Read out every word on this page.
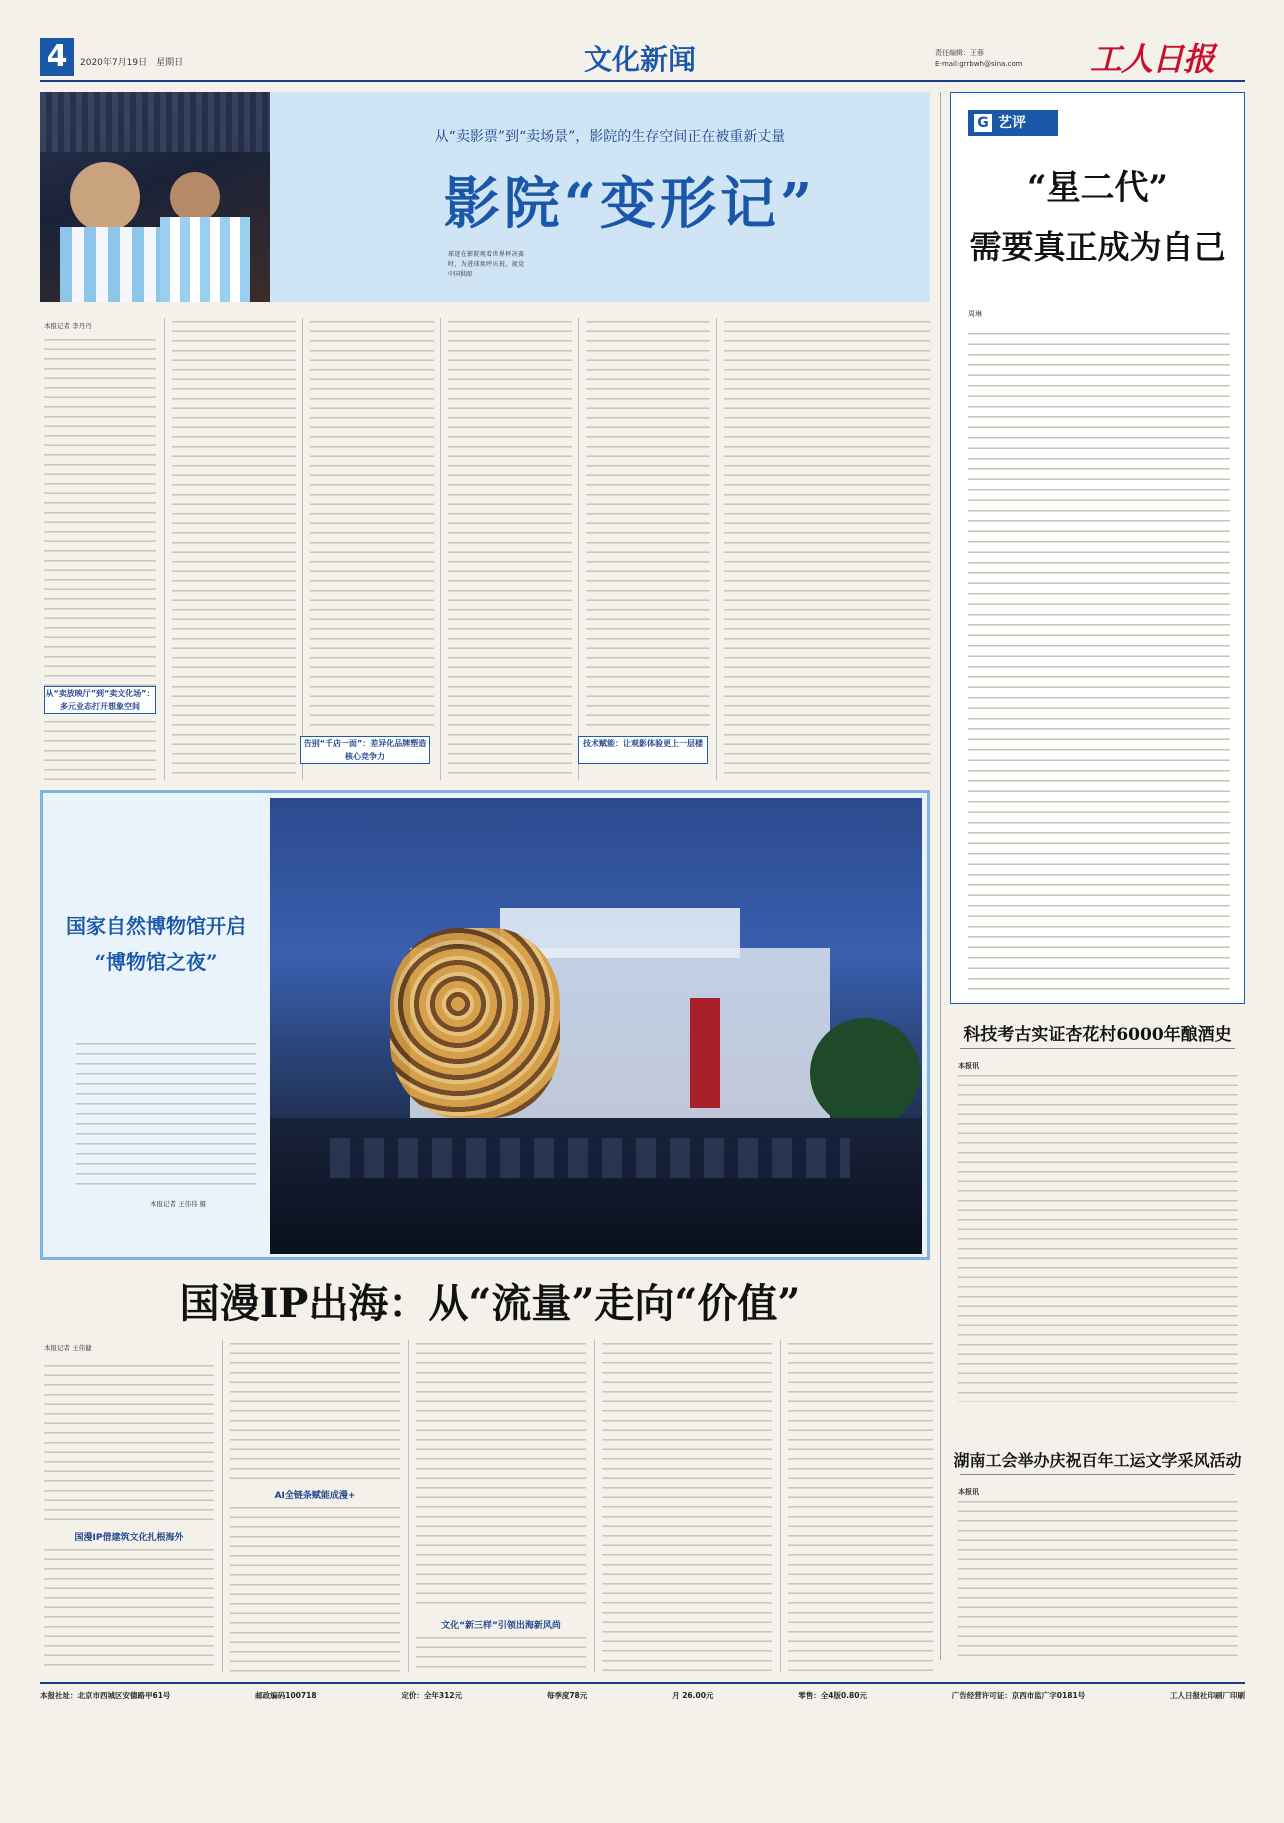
4	2020年7月19日　星期日	文化新闻	责任编辑：王蓉
E-mail:grrbwh@sina.com 工人日报
从“卖影票”到“卖场景”，影院的生存空间正在被重新丈量
影院“变形记”
球迷在影院观看世界杯决赛时，为进球欢呼庆祝。视觉中国供图
本报记者 李丹丹
从“卖放映厅”到“卖文化场”：多元业态打开想象空间
告别“千店一面”：差异化品牌塑造核心竞争力
技术赋能：让观影体验更上一层楼
G 艺评
“星二代”
需要真正成为自己
周琳
科技考古实证杏花村6000年酿酒史
本报讯
湖南工会举办庆祝百年工运文学采风活动
本报讯
国家自然博物馆开启
“博物馆之夜”
本报记者 王伟伟 摄
国漫IP出海：从“流量”走向“价值”
本报记者 王伟健
国漫IP借建筑文化扎根海外
AI全链条赋能成漫+
文化“新三样”引领出海新风尚
本报社址：北京市西城区安德路甲61号	邮政编码100718	定价：全年312元	每季度78元	月 26.00元	零售：全4版0.80元	广告经营许可证：京西市监广字0181号	工人日报社印刷厂印刷
